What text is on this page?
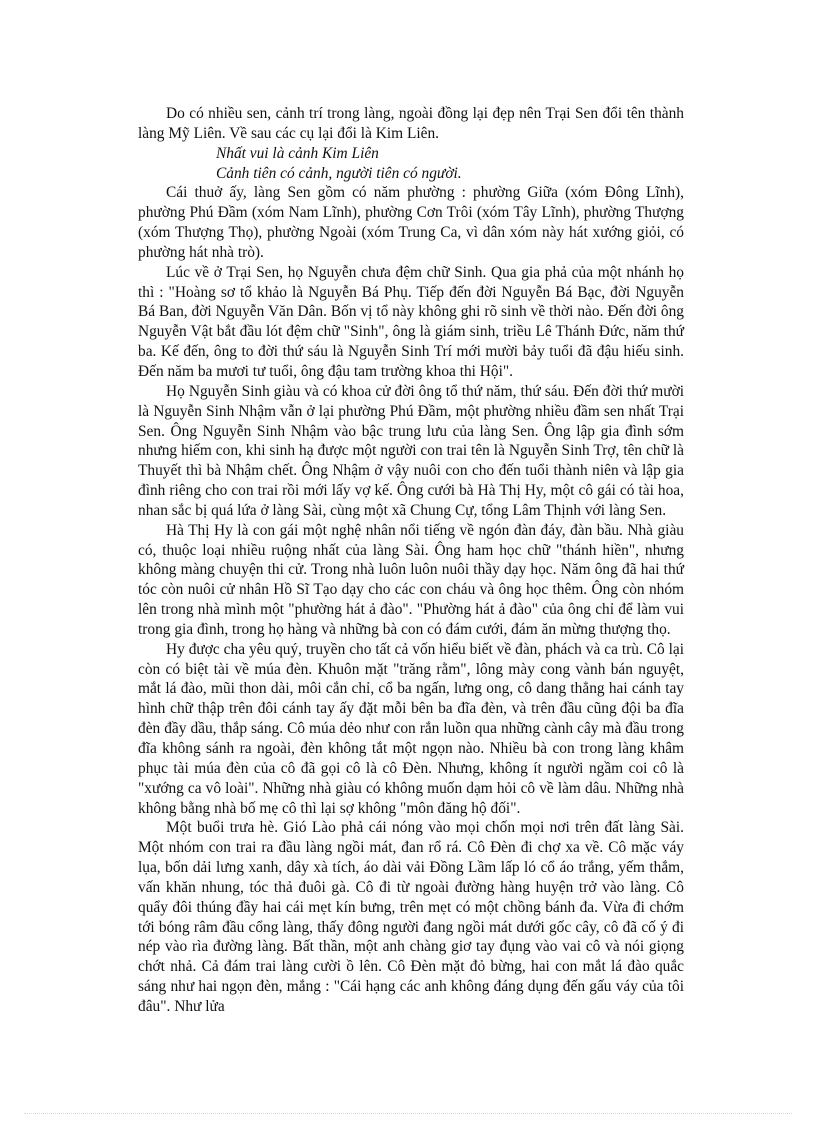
Do có nhiều sen, cảnh trí trong làng, ngoài đồng lại đẹp nên Trại Sen đổi tên thành làng Mỹ Liên. Về sau các cụ lại đổi là Kim Liên.

Nhất vui là cảnh Kim Liên

Cảnh tiên có cảnh, người tiên có người.

Cái thuở ấy, làng Sen gồm có năm phường : phường Giữa (xóm Đông Lĩnh), phường Phú Đầm (xóm Nam Lĩnh), phường Cơn Trôi (xóm Tây Lĩnh), phường Thượng (xóm Thượng Thọ), phường Ngoài (xóm Trung Ca, vì dân xóm này hát xướng giỏi, có phường hát nhà trò).

Lúc về ở Trại Sen, họ Nguyễn chưa đệm chữ Sinh. Qua gia phả của một nhánh họ thì : "Hoàng sơ tổ khảo là Nguyễn Bá Phụ. Tiếp đến đời Nguyễn Bá Bạc, đời Nguyễn Bá Ban, đời Nguyễn Văn Dân. Bốn vị tổ này không ghi rõ sinh về thời nào. Đến đời ông Nguyễn Vật bắt đầu lót đệm chữ "Sinh", ông là giám sinh, triều Lê Thánh Đức, năm thứ ba. Kế đến, ông to đời thứ sáu là Nguyễn Sinh Trí mới mười bảy tuổi đã đậu hiếu sinh. Đến năm ba mươi tư tuổi, ông đậu tam trường khoa thi Hội".

Họ Nguyễn Sinh giàu và có khoa cử đời ông tổ thứ năm, thứ sáu. Đến đời thứ mười là Nguyễn Sinh Nhậm vẫn ở lại phường Phú Đầm, một phường nhiều đầm sen nhất Trại Sen. Ông Nguyễn Sinh Nhậm vào bậc trung lưu của làng Sen. Ông lập gia đình sớm nhưng hiếm con, khi sinh hạ được một người con trai tên là Nguyễn Sinh Trợ, tên chữ là Thuyết thì bà Nhậm chết. Ông Nhậm ở vậy nuôi con cho đến tuổi thành niên và lập gia đình riêng cho con trai rồi mới lấy vợ kế. Ông cưới bà Hà Thị Hy, một cô gái có tài hoa, nhan sắc bị quá lứa ở làng Sài, cùng một xã Chung Cự, tổng Lâm Thịnh với làng Sen.

Hà Thị Hy là con gái một nghệ nhân nổi tiếng về ngón đàn đáy, đàn bầu. Nhà giàu có, thuộc loại nhiều ruộng nhất của làng Sài. Ông ham học chữ "thánh hiền", nhưng không màng chuyện thi cử. Trong nhà luôn luôn nuôi thầy dạy học. Năm ông đã hai thứ tóc còn nuôi cử nhân Hồ Sĩ Tạo dạy cho các con cháu và ông học thêm. Ông còn nhóm lên trong nhà mình một "phường hát ả đào". "Phường hát ả đào" của ông chỉ để làm vui trong gia đình, trong họ hàng và những bà con có đám cưới, đám ăn mừng thượng thọ.

Hy được cha yêu quý, truyền cho tất cả vốn hiểu biết về đàn, phách và ca trù. Cô lại còn có biệt tài về múa đèn. Khuôn mặt "trăng rằm", lông mày cong vành bán nguyệt, mắt lá đào, mũi thon dài, môi cắn chỉ, cổ ba ngấn, lưng ong, cô dang thẳng hai cánh tay hình chữ thập trên đôi cánh tay ấy đặt mỗi bên ba đĩa đèn, và trên đầu cũng đội ba đĩa đèn đầy dầu, thắp sáng. Cô múa dẻo như con rắn luồn qua những cành cây mà đầu trong đĩa không sánh ra ngoài, đèn không tắt một ngọn nào. Nhiều bà con trong làng khâm phục tài múa đèn của cô đã gọi cô là cô Đèn. Nhưng, không ít người ngầm coi cô là "xướng ca vô loài". Những nhà giàu có không muốn dạm hỏi cô về làm dâu. Những nhà không bằng nhà bố mẹ cô thì lại sợ không "môn đăng hộ đối".

Một buổi trưa hè. Gió Lào phả cái nóng vào mọi chốn mọi nơi trên đất làng Sài. Một nhóm con trai ra đầu làng ngồi mát, đan rổ rá. Cô Đèn đi chợ xa về. Cô mặc váy lụa, bốn dải lưng xanh, dây xà tích, áo dài vải Đồng Lầm lấp ló cổ áo trắng, yếm thắm, vấn khăn nhung, tóc thả đuôi gà. Cô đi từ ngoài đường hàng huyện trở vào làng. Cô quẩy đôi thúng đầy hai cái mẹt kín bưng, trên mẹt có một chồng bánh đa. Vừa đi chớm tới bóng râm đầu cổng làng, thấy đông người đang ngồi mát dưới gốc cây, cô đã cố ý đi nép vào rìa đường làng. Bất thần, một anh chàng giơ tay đụng vào vai cô và nói giọng chớt nhả. Cả đám trai làng cười ồ lên. Cô Đèn mặt đỏ bừng, hai con mắt lá đào quắc sáng như hai ngọn đèn, mắng : "Cái hạng các anh không đáng dụng đến gấu váy của tôi đâu". Như lửa
